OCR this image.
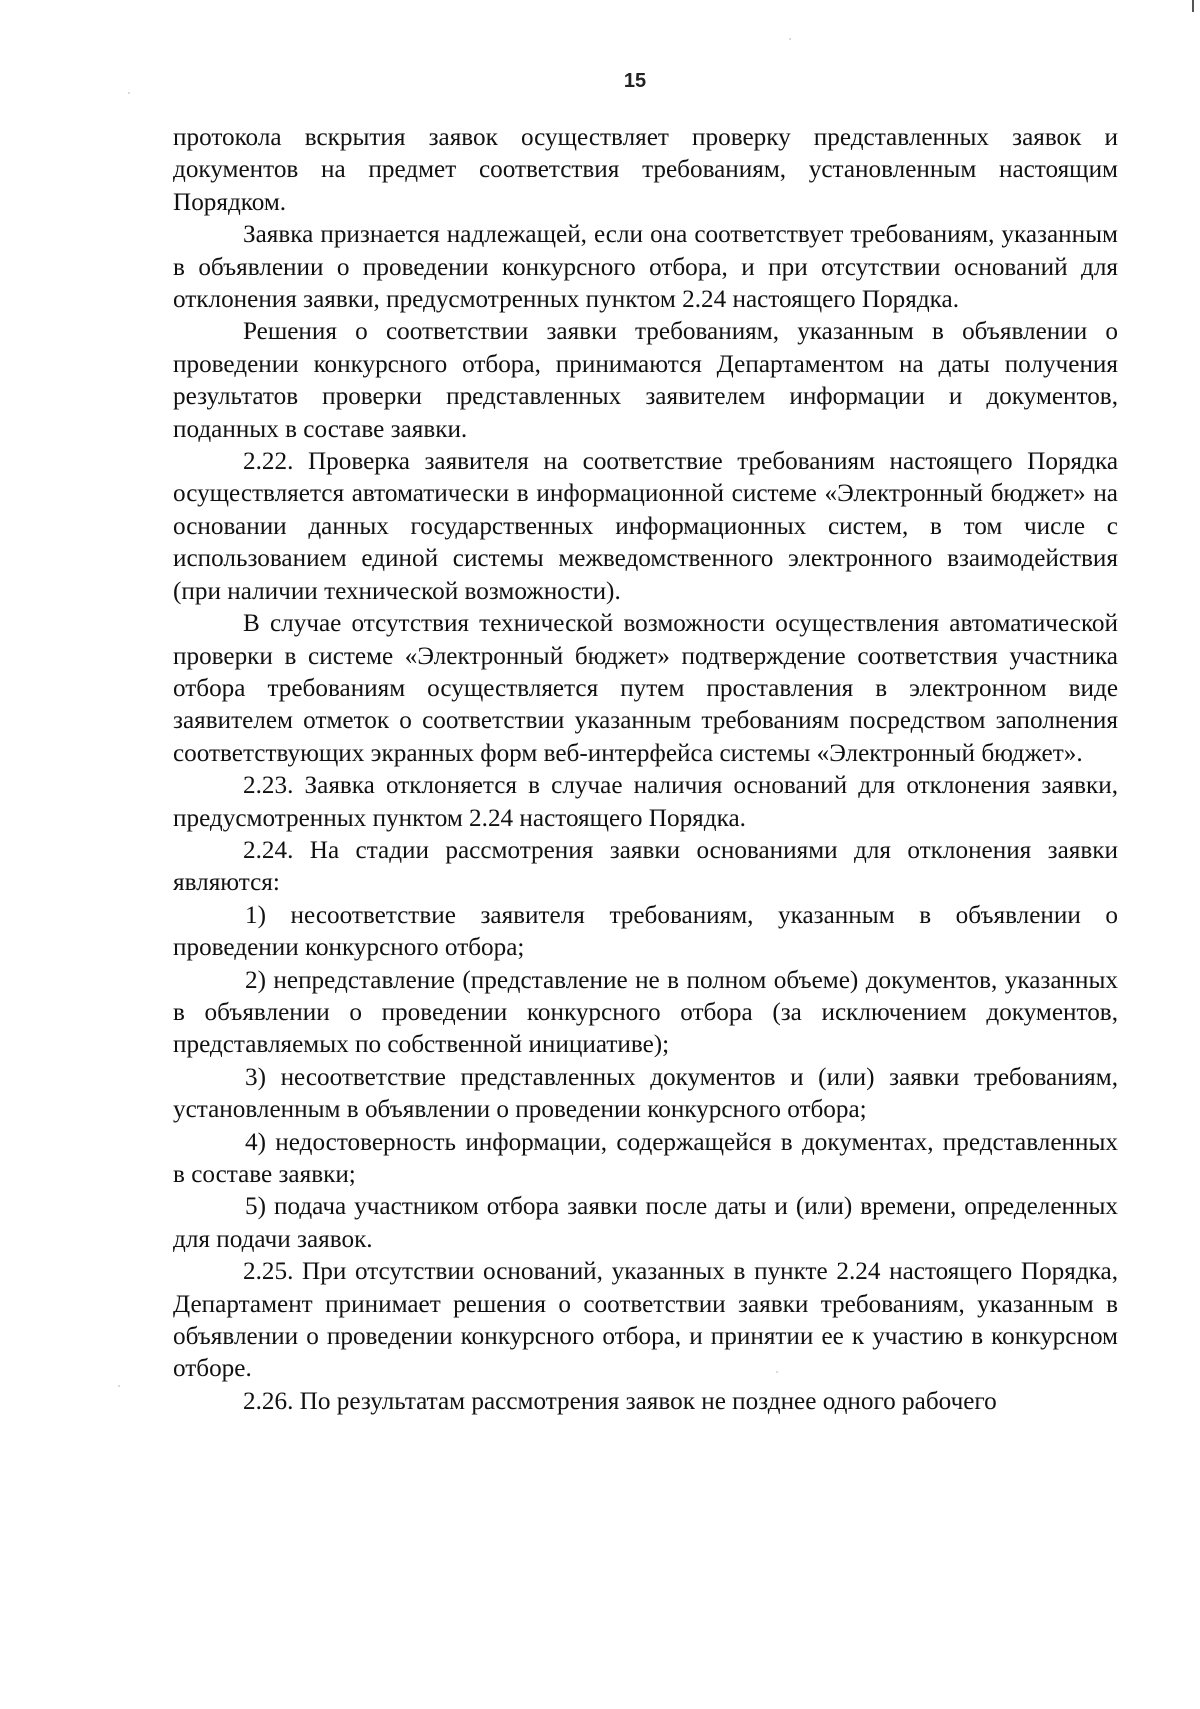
15

протокола вскрытия заявок осуществляет проверку представленных заявок и документов на предмет соответствия требованиям, установленным настоящим Порядком.

Заявка признается надлежащей, если она соответствует требованиям, указанным в объявлении о проведении конкурсного отбора, и при отсутствии оснований для отклонения заявки, предусмотренных пунктом 2.24 настоящего Порядка.

Решения о соответствии заявки требованиям, указанным в объявлении о проведении конкурсного отбора, принимаются Департаментом на даты получения результатов проверки представленных заявителем информации и документов, поданных в составе заявки.

2.22. Проверка заявителя на соответствие требованиям настоящего Порядка осуществляется автоматически в информационной системе «Электронный бюджет» на основании данных государственных информационных систем, в том числе с использованием единой системы межведомственного электронного взаимодействия (при наличии технической возможности).

В случае отсутствия технической возможности осуществления автоматической проверки в системе «Электронный бюджет» подтверждение соответствия участника отбора требованиям осуществляется путем проставления в электронном виде заявителем отметок о соответствии указанным требованиям посредством заполнения соответствующих экранных форм веб-интерфейса системы «Электронный бюджет».

2.23. Заявка отклоняется в случае наличия оснований для отклонения заявки, предусмотренных пунктом 2.24 настоящего Порядка.

2.24. На стадии рассмотрения заявки основаниями для отклонения заявки являются:

1) несоответствие заявителя требованиям, указанным в объявлении о проведении конкурсного отбора;

2) непредставление (представление не в полном объеме) документов, указанных в объявлении о проведении конкурсного отбора (за исключением документов, представляемых по собственной инициативе);

3) несоответствие представленных документов и (или) заявки требованиям, установленным в объявлении о проведении конкурсного отбора;

4) недостоверность информации, содержащейся в документах, представленных в составе заявки;

5) подача участником отбора заявки после даты и (или) времени, определенных для подачи заявок.

2.25. При отсутствии оснований, указанных в пункте 2.24 настоящего Порядка, Департамент принимает решения о соответствии заявки требованиям, указанным в объявлении о проведении конкурсного отбора, и принятии ее к участию в конкурсном отборе.

2.26. По результатам рассмотрения заявок не позднее одного рабочего
